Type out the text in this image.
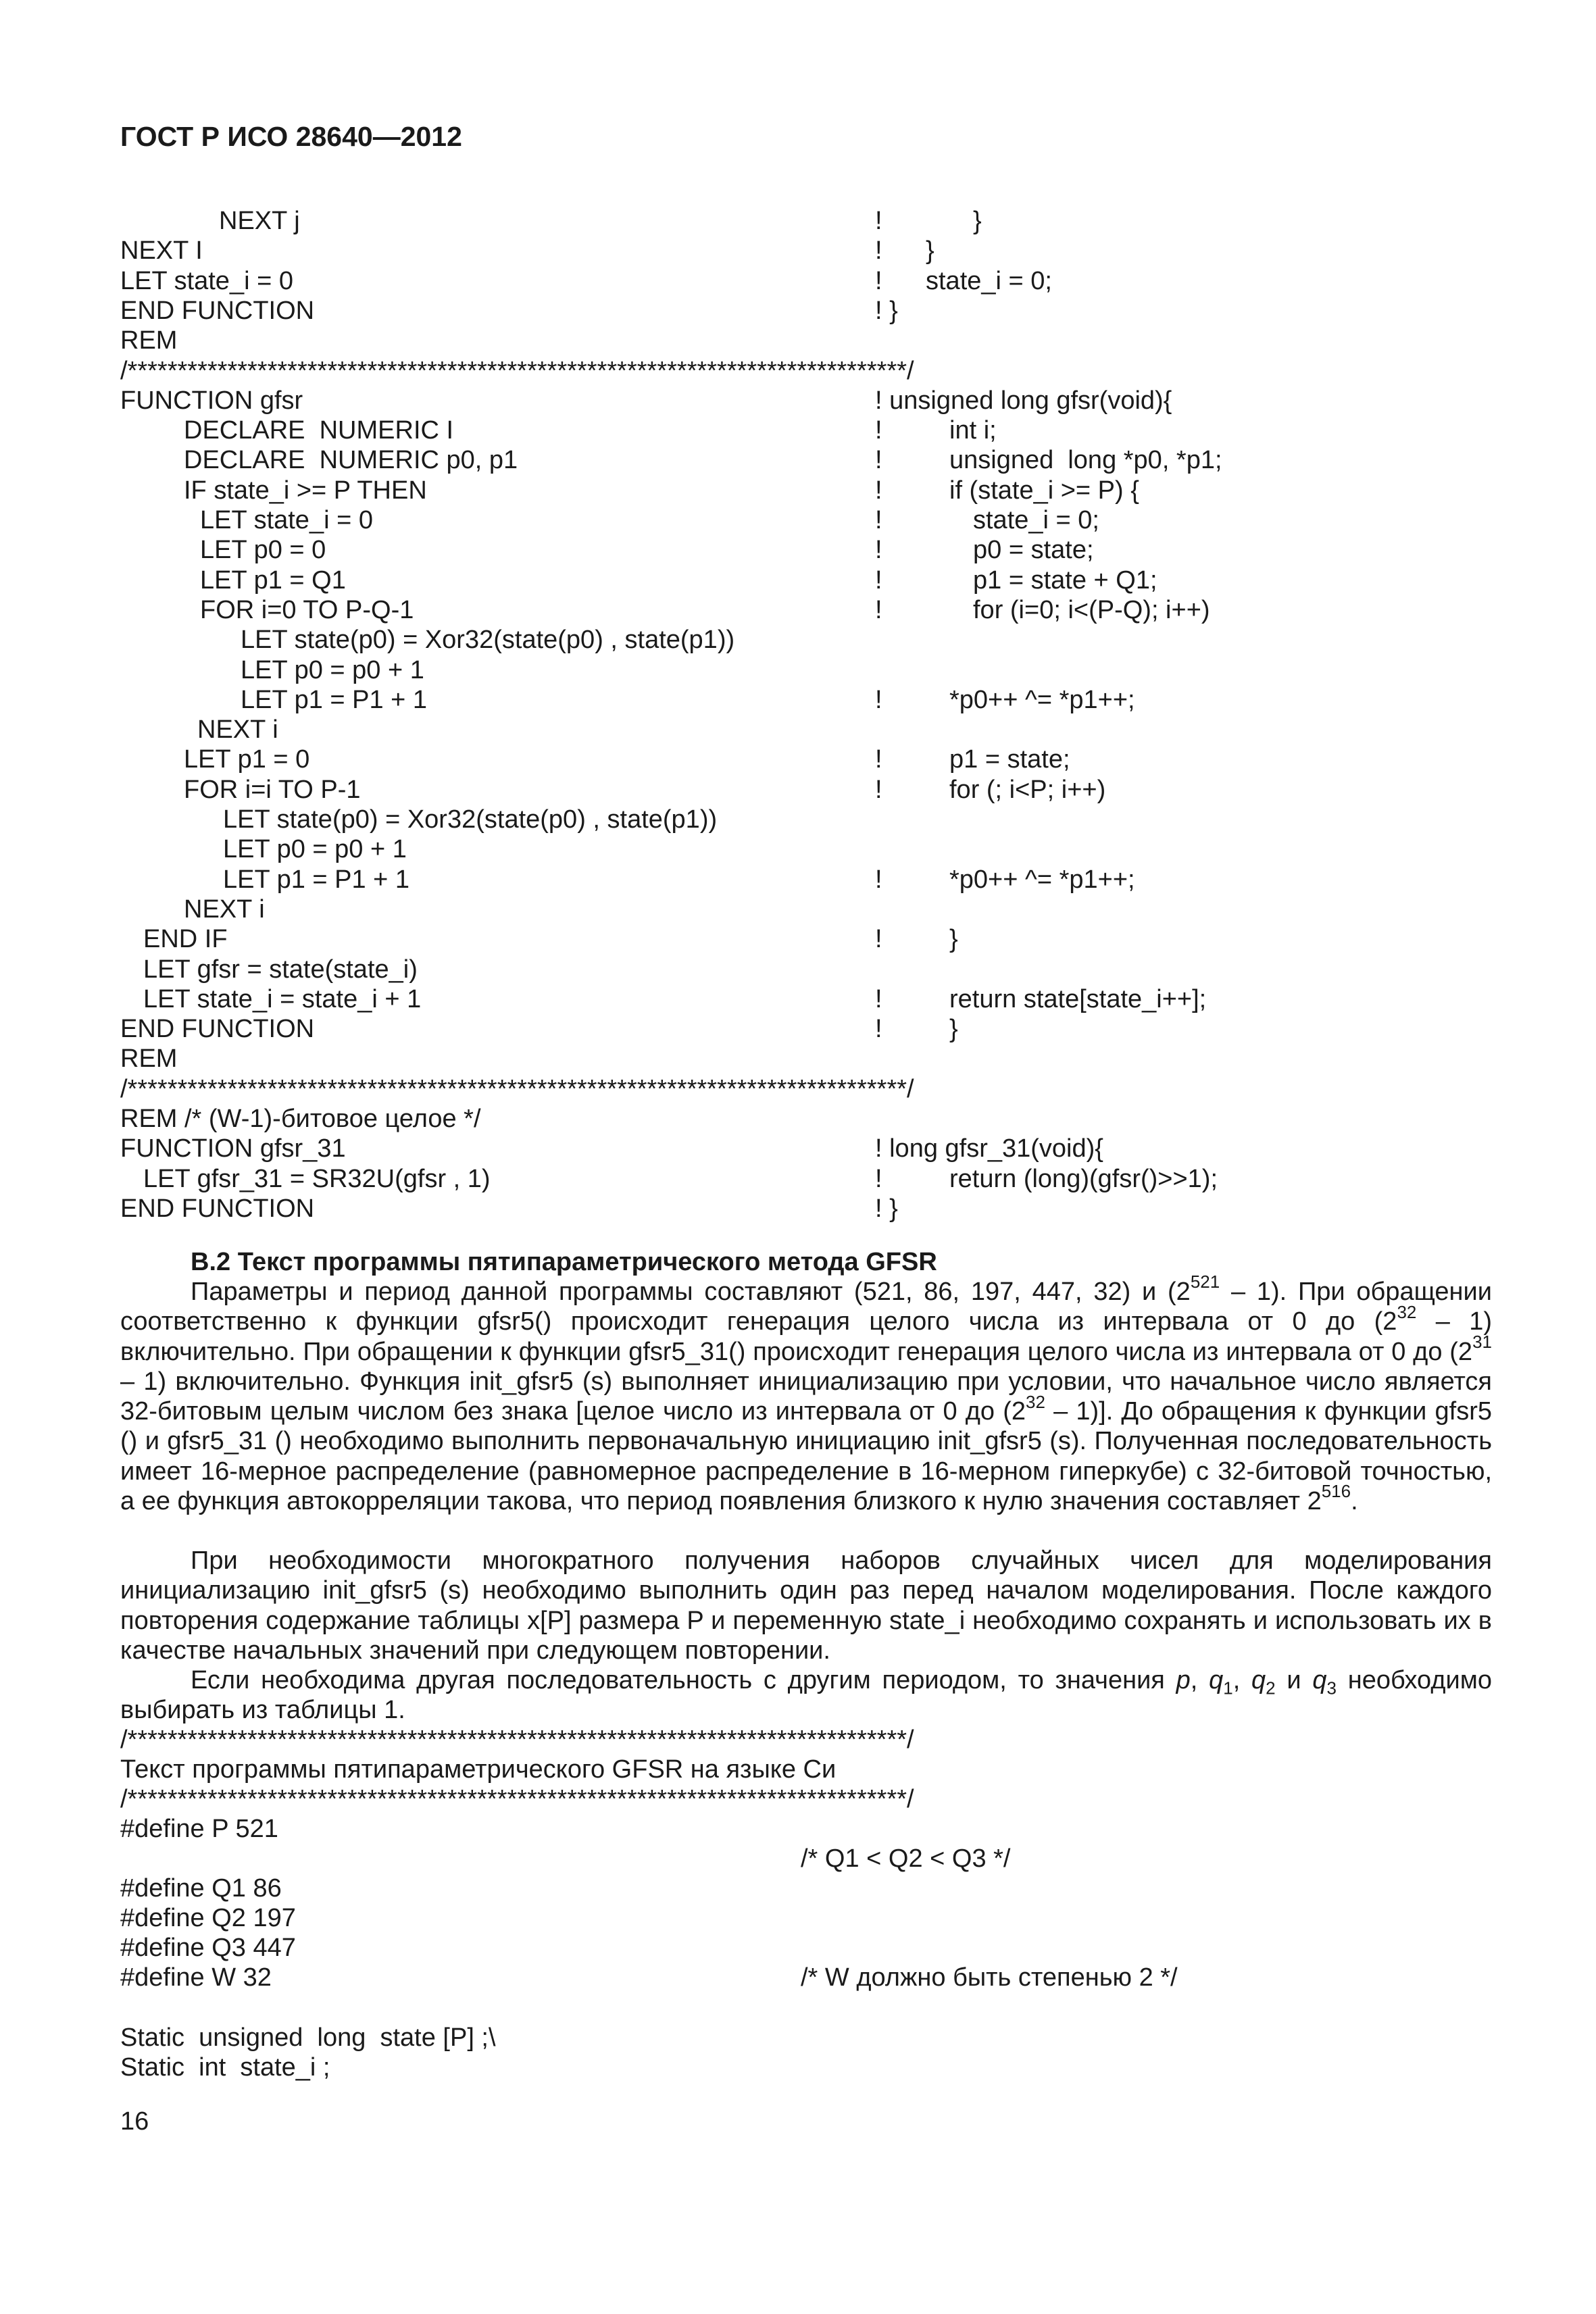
ГОСТ Р ИСО 28640—2012
NEXT j	!	}
NEXT I	! }
LET state_i = 0	! state_i = 0;
END FUNCTION	! }
REM
/******************************************************************************/
FUNCTION gfsr	! unsigned long gfsr(void){
DECLARE  NUMERIC I	!	int i;
DECLARE  NUMERIC p0, p1	!	unsigned  long *p0, *p1;
IF state_i >= P THEN	!	if (state_i >= P) {
LET state_i = 0	!	state_i = 0;
LET p0 = 0	!	p0 = state;
LET p1 = Q1	!	p1 = state + Q1;
FOR i=0 TO P-Q-1	!	for (i=0; i<(P-Q); i++)
LET state(p0) = Xor32(state(p0) , state(p1))
LET p0 = p0 + 1
LET p1 = P1 + 1	!	*p0++ ^= *p1++;
NEXT i
LET p1 = 0	!	p1 = state;
FOR i=i TO P-1	!	for (; i<P; i++)
LET state(p0) = Xor32(state(p0) , state(p1))
LET p0 = p0 + 1
LET p1 = P1 + 1	!	*p0++ ^= *p1++;
NEXT i
END IF	!	}
LET gfsr = state(state_i)
LET state_i = state_i + 1	!	return state[state_i++];
END FUNCTION	!	}
REM
/******************************************************************************/
REM /* (W-1)-битовое целое */
FUNCTION gfsr_31	! long gfsr_31(void){
LET gfsr_31 = SR32U(gfsr , 1)	!	return (long)(gfsr()>>1);
END FUNCTION	! }
В.2 Текст программы пятипараметрического метода GFSR

Параметры и период данной программы составляют (521, 86, 197, 447, 32) и $(2^{521} - 1)$. При обращении соответственно к функции gfsr5() происходит генерация целого числа из интервала от 0 до $(2^{32} - 1)$ включительно. При обращении к функции gfsr5_31() происходит генерация целого числа из интервала от 0 до $(2^{31} - 1)$ включительно. Функция init_gfsr5 (s) выполняет инициализацию при условии, что начальное число является 32-битовым целым числом без знака [целое число из интервала от 0 до $(2^{32} - 1)$]. До обращения к функции gfsr5 () и gfsr5_31 () необходимо выполнить первоначальную инициацию init_gfsr5 (s). Полученная последовательность имеет 16-мерное распределение (равномерное распределение в 16-мерном гиперкубе) с 32-битовой точностью, а ее функция автокорреляции такова, что период появления близкого к нулю значения составляет $2^{516}$.

При необходимости многократного получения наборов случайных чисел для моделирования инициализацию init_gfsr5 (s) необходимо выполнить один раз перед началом моделирования. После каждого повторения содержание таблицы x[P] размера P и переменную state_i необходимо сохранять и использовать их в качестве начальных значений при следующем повторении.

Если необходима другая последовательность с другим периодом, то значения p, $q_1$, $q_2$ и $q_3$ необходимо выбирать из таблицы 1.

/******************************************************************************/
Текст программы пятипараметрического GFSR на языке Си
/******************************************************************************/
#define P 521
/* Q1 < Q2 < Q3 */
#define Q1 86
#define Q2 197
#define Q3 447
#define W 32	/* W должно быть степенью 2 */
Static  unsigned  long  state [P] ;\
Static  int  state_i ;
16
